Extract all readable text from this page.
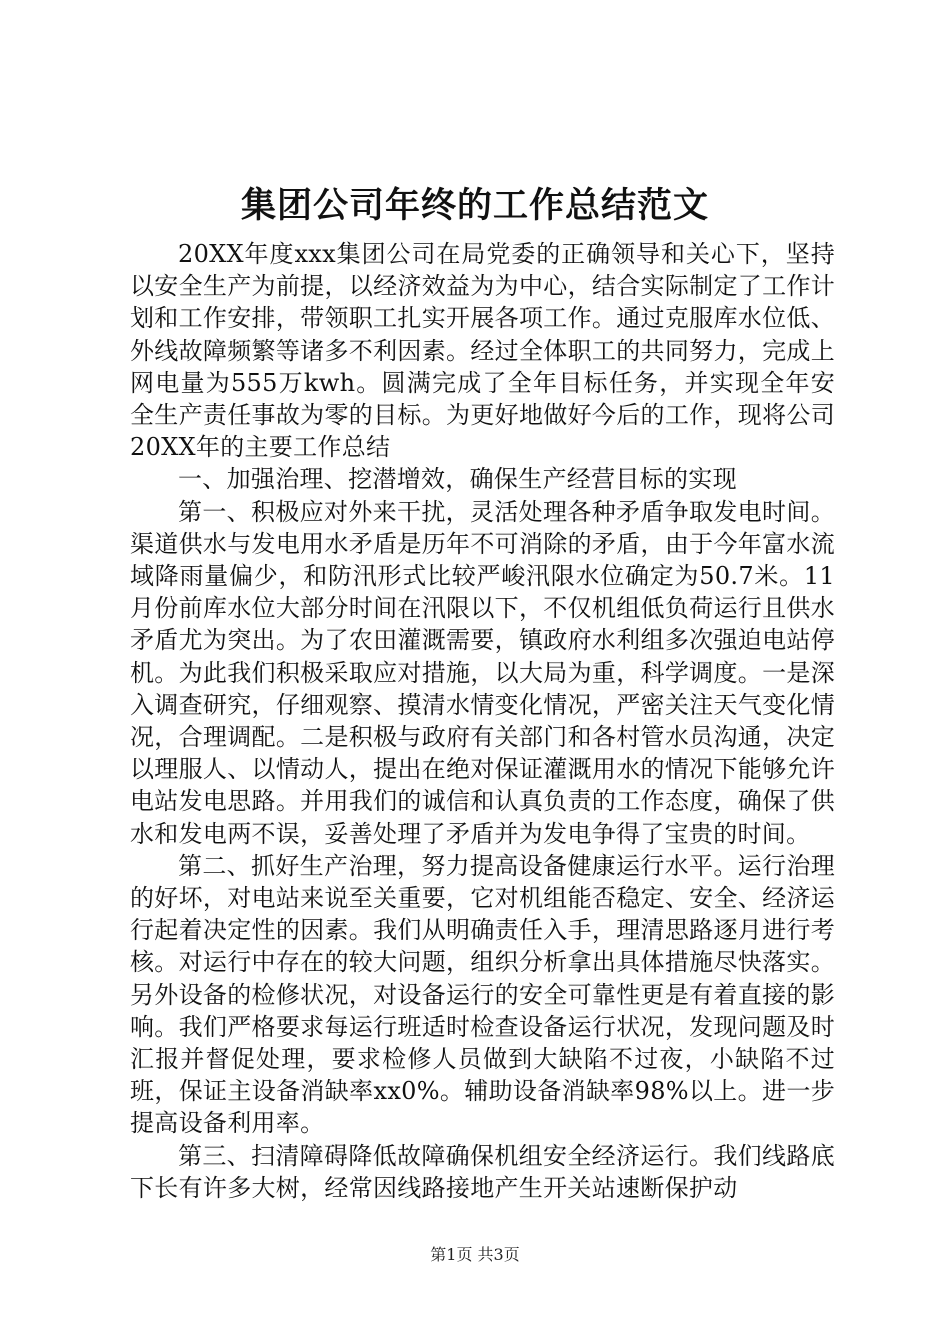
集团公司年终的工作总结范文

20XX年度xxx集团公司在局党委的正确领导和关心下，坚持以安全生产为前提，以经济效益为为中心，结合实际制定了工作计划和工作安排，带领职工扎实开展各项工作。通过克服库水位低、外线故障频繁等诸多不利因素。经过全体职工的共同努力，完成上网电量为555万kwh。圆满完成了全年目标任务，并实现全年安全生产责任事故为零的目标。为更好地做好今后的工作，现将公司20XX年的主要工作总结

一、加强治理、挖潜增效，确保生产经营目标的实现

第一、积极应对外来干扰，灵活处理各种矛盾争取发电时间。渠道供水与发电用水矛盾是历年不可消除的矛盾，由于今年富水流域降雨量偏少，和防汛形式比较严峻汛限水位确定为50.7米。11月份前库水位大部分时间在汛限以下，不仅机组低负荷运行且供水矛盾尤为突出。为了农田灌溉需要，镇政府水利组多次强迫电站停机。为此我们积极采取应对措施，以大局为重，科学调度。一是深入调查研究，仔细观察、摸清水情变化情况，严密关注天气变化情况，合理调配。二是积极与政府有关部门和各村管水员沟通，决定以理服人、以情动人，提出在绝对保证灌溉用水的情况下能够允许电站发电思路。并用我们的诚信和认真负责的工作态度，确保了供水和发电两不误，妥善处理了矛盾并为发电争得了宝贵的时间。

第二、抓好生产治理，努力提高设备健康运行水平。运行治理的好坏，对电站来说至关重要，它对机组能否稳定、安全、经济运行起着决定性的因素。我们从明确责任入手，理清思路逐月进行考核。对运行中存在的较大问题，组织分析拿出具体措施尽快落实。另外设备的检修状况，对设备运行的安全可靠性更是有着直接的影响。我们严格要求每运行班适时检查设备运行状况，发现问题及时汇报并督促处理，要求检修人员做到大缺陷不过夜，小缺陷不过班，保证主设备消缺率xx0%。辅助设备消缺率98%以上。进一步提高设备利用率。

第三、扫清障碍降低故障确保机组安全经济运行。我们线路底下长有许多大树，经常因线路接地产生开关站速断保护动

第1页 共3页
